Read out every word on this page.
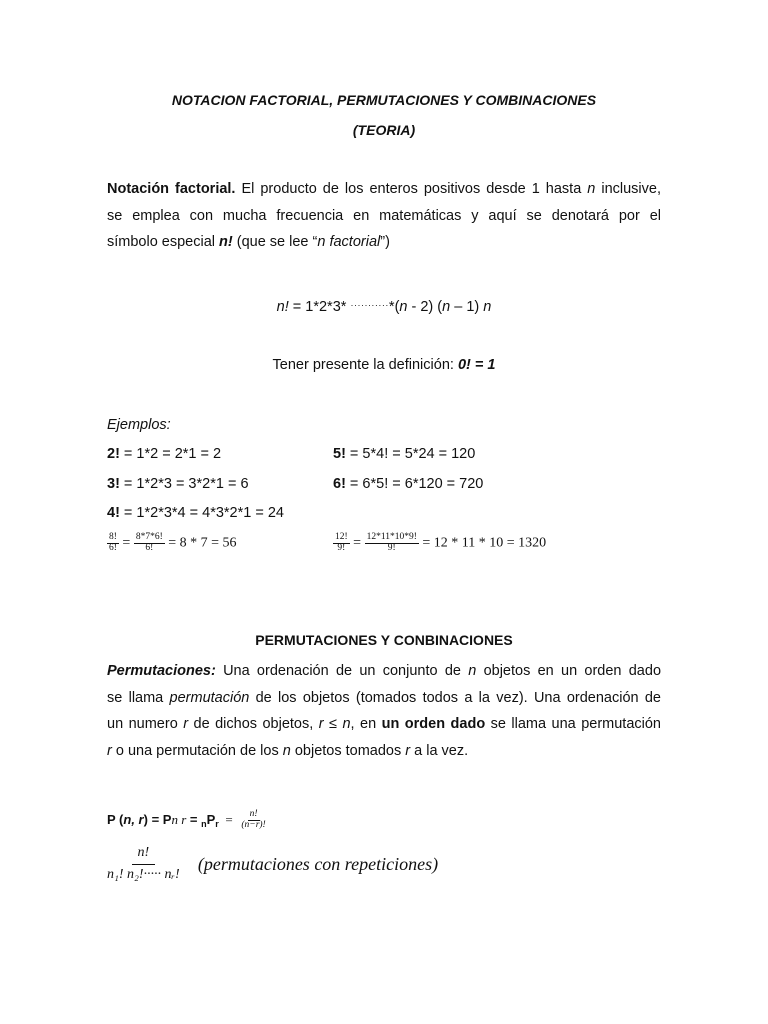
NOTACION FACTORIAL, PERMUTACIONES Y COMBINACIONES
(TEORIA)
Notación factorial. El producto de los enteros positivos desde 1 hasta n inclusive,
se emplea con mucha frecuencia en matemáticas y aquí se denotará por el
símbolo especial n! (que se lee “n factorial”)
n! = 1*2*3* ···········*(n - 2) (n – 1) n
Tener presente la definición: 0! = 1
Ejemplos:
2! = 1*2 = 2*1 = 2
3! = 1*2*3 = 3*2*1 = 6
4! = 1*2*3*4 = 4*3*2*1 = 24
5! = 5*4! = 5*24 = 120
6! = 6*5! = 6*120 = 720
$\frac{8!}{6!} = \frac{8*7*6!}{6!} = 8 * 7 = 56$	$\frac{12!}{9!} = \frac{12*11*10*9!}{9!} = 12 * 11 * 10 = 1320$
PERMUTACIONES Y CONBINACIONES
Permutaciones: Una ordenación de un conjunto de n objetos en un orden dado
se llama permutación de los objetos (tomados todos a la vez). Una ordenación de
un numero r de dichos objetos, r ≤ n, en un orden dado se llama una permutación
r o una permutación de los n objetos tomados r a la vez.
P (n, r) = Pn $r = _nP_r = \frac{n!}{(n-r)!}$
$\frac{n!}{\text{n₁! n₂!····· nᵣ!}}$ (permutaciones con repeticiones)
